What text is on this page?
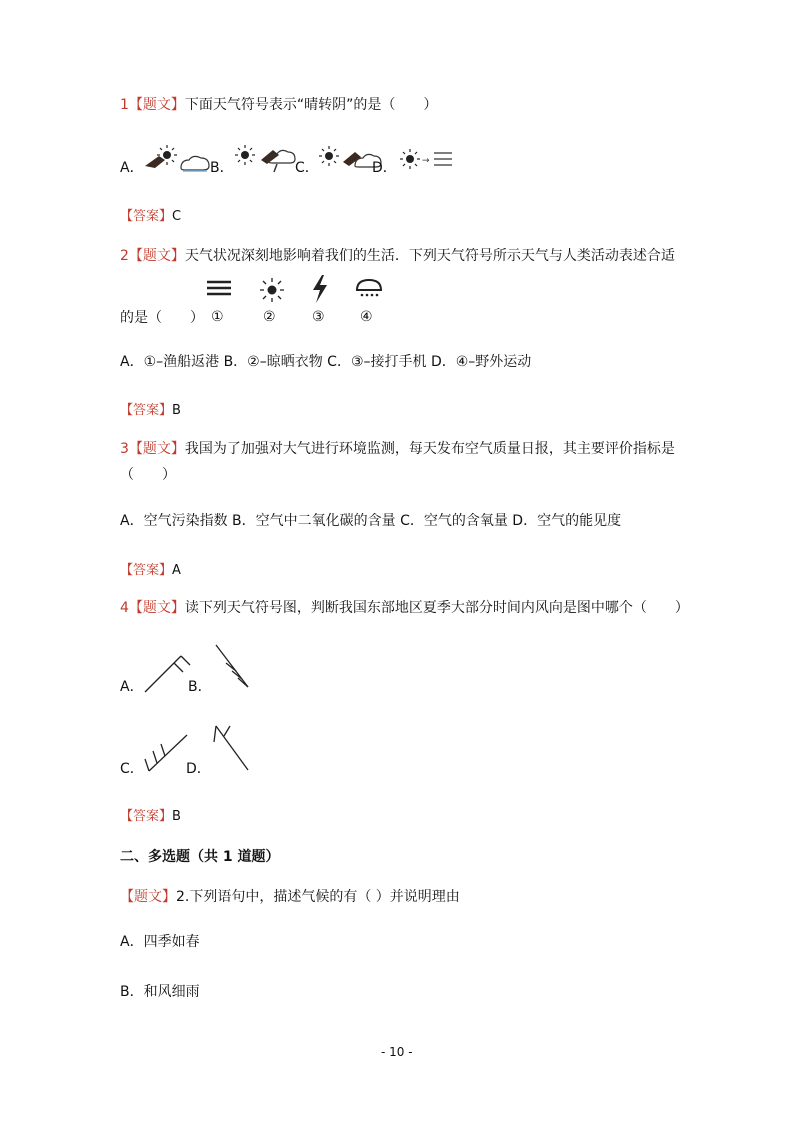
1【题文】下面天气符号表示“晴转阴”的是（　　）
A．	B．	C．	D．	→
【答案】C
2【题文】天气状况深刻地影响着我们的生活．下列天气符号所示天气与人类活动表述合适
的是（　　） ①	②	③	④
A．①–渔船返港 B．②–晾晒衣物 C．③–接打手机 D．④–野外运动
【答案】B
3【题文】我国为了加强对大气进行环境监测，每天发布空气质量日报，其主要评价指标是
（　　）
A．空气污染指数 B．空气中二氧化碳的含量 C．空气的含氧量 D．空气的能见度
【答案】A
4【题文】读下列天气符号图，判断我国东部地区夏季大部分时间内风向是图中哪个（　　）
A．	B．
C．	D．
【答案】B
二、多选题（共 1 道题）
【题文】2.下列语句中，描述气候的有（ ）并说明理由
A．四季如春
B．和风细雨
- 10 -
